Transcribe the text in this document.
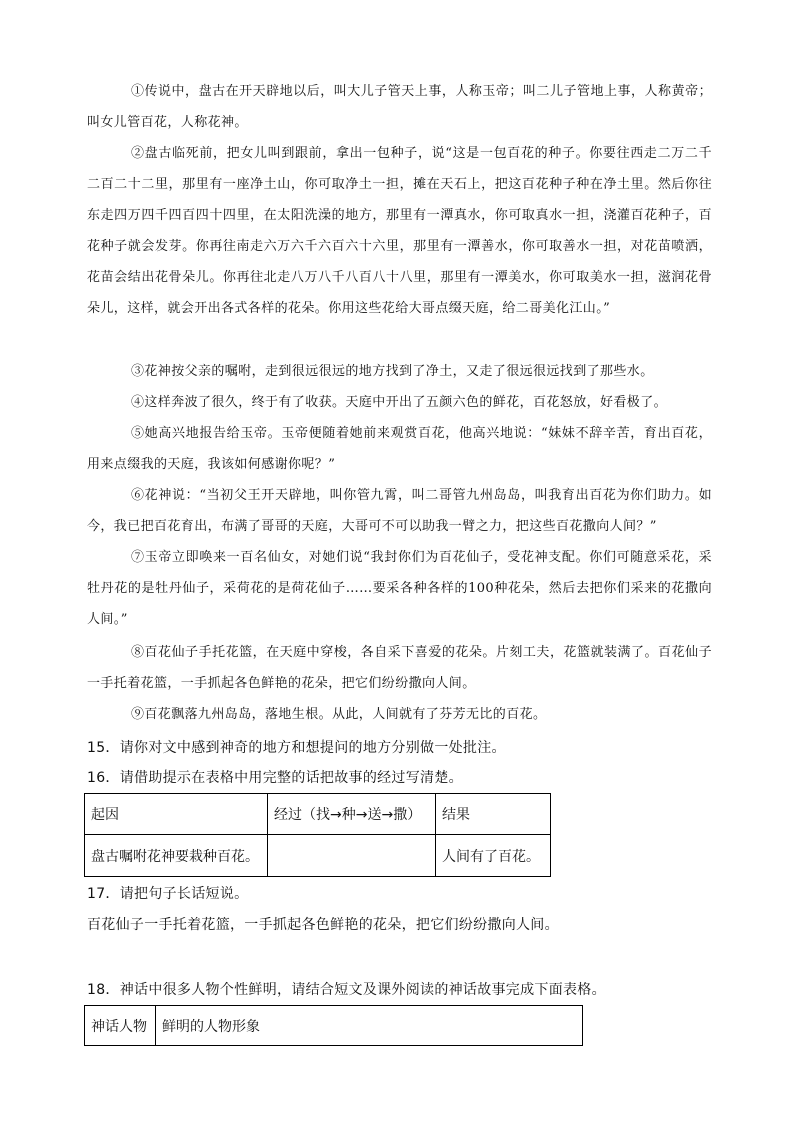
①传说中，盘古在开天辟地以后，叫大儿子管天上事，人称玉帝；叫二儿子管地上事，人称黄帝；叫女儿管百花，人称花神。
②盘古临死前，把女儿叫到跟前，拿出一包种子，说“这是一包百花的种子。你要往西走二万二千二百二十二里，那里有一座净土山，你可取净土一担，摊在天石上，把这百花种子种在净土里。然后你往东走四万四千四百四十四里，在太阳洗澡的地方，那里有一潭真水，你可取真水一担，浇灌百花种子，百花种子就会发芽。你再往南走六万六千六百六十六里，那里有一潭善水，你可取善水一担，对花苗喷洒，花苗会结出花骨朵儿。你再往北走八万八千八百八十八里，那里有一潭美水，你可取美水一担，滋润花骨朵儿，这样，就会开出各式各样的花朵。你用这些花给大哥点缀天庭，给二哥美化江山。”
③花神按父亲的嘱咐，走到很远很远的地方找到了净土，又走了很远很远找到了那些水。
④这样奔波了很久，终于有了收获。天庭中开出了五颜六色的鲜花，百花怒放，好看极了。
⑤她高兴地报告给玉帝。玉帝便随着她前来观赏百花，他高兴地说：“妹妹不辞辛苦，育出百花，用来点缀我的天庭，我该如何感谢你呢？”
⑥花神说：“当初父王开天辟地，叫你管九霄，叫二哥管九州岛岛，叫我育出百花为你们助力。如今，我已把百花育出，布满了哥哥的天庭，大哥可不可以助我一臂之力，把这些百花撒向人间？”
⑦玉帝立即唤来一百名仙女，对她们说“我封你们为百花仙子，受花神支配。你们可随意采花，采牡丹花的是牡丹仙子，采荷花的是荷花仙子……要采各种各样的100种花朵，然后去把你们采来的花撒向人间。”
⑧百花仙子手托花篮，在天庭中穿梭，各自采下喜爱的花朵。片刻工夫，花篮就装满了。百花仙子一手托着花篮，一手抓起各色鲜艳的花朵，把它们纷纷撒向人间。
⑨百花飘落九州岛岛，落地生根。从此，人间就有了芬芳无比的百花。
15．请你对文中感到神奇的地方和想提问的地方分别做一处批注。
16．请借助提示在表格中用完整的话把故事的经过写清楚。
起因	经过（找→种→送→撒）	结果
盘古嘱咐花神要栽种百花。		人间有了百花。
17．请把句子长话短说。
百花仙子一手托着花篮，一手抓起各色鲜艳的花朵，把它们纷纷撒向人间。
18．神话中很多人物个性鲜明，请结合短文及课外阅读的神话故事完成下面表格。
神话人物	鲜明的人物形象
